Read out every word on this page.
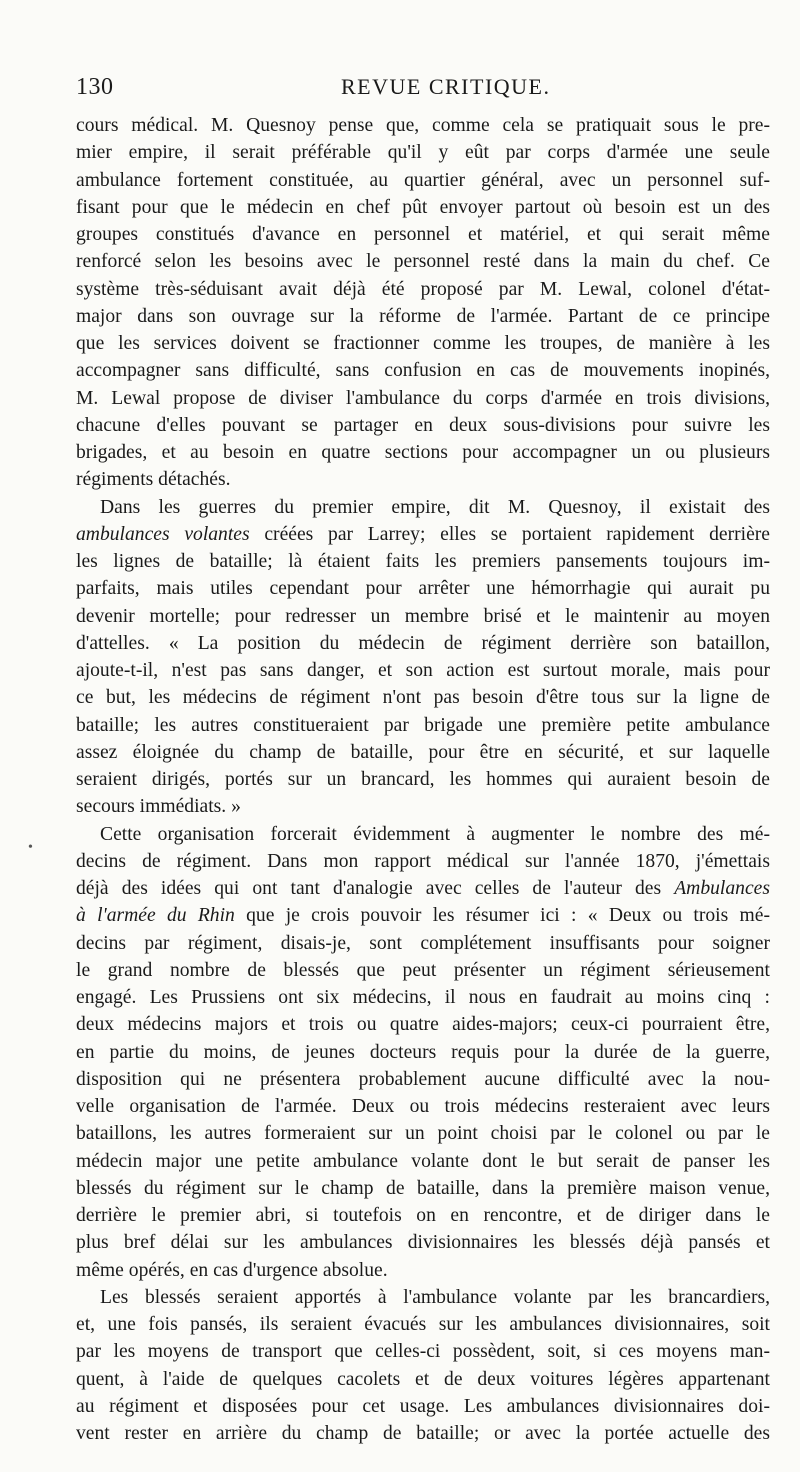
130	REVUE CRITIQUE.
•
cours médical. M. Quesnoy pense que, comme cela se pratiquait sous le pre-
mier empire, il serait préférable qu'il y eût par corps d'armée une seule
ambulance fortement constituée, au quartier général, avec un personnel suf-
fisant pour que le médecin en chef pût envoyer partout où besoin est un des
groupes constitués d'avance en personnel et matériel, et qui serait même
renforcé selon les besoins avec le personnel resté dans la main du chef. Ce
système très-séduisant avait déjà été proposé par M. Lewal, colonel d'état-
major dans son ouvrage sur la réforme de l'armée. Partant de ce principe
que les services doivent se fractionner comme les troupes, de manière à les
accompagner sans difficulté, sans confusion en cas de mouvements inopinés,
M. Lewal propose de diviser l'ambulance du corps d'armée en trois divisions,
chacune d'elles pouvant se partager en deux sous-divisions pour suivre les
brigades, et au besoin en quatre sections pour accompagner un ou plusieurs
régiments détachés.
Dans les guerres du premier empire, dit M. Quesnoy, il existait des
ambulances volantes créées par Larrey; elles se portaient rapidement derrière
les lignes de bataille; là étaient faits les premiers pansements toujours im-
parfaits, mais utiles cependant pour arrêter une hémorrhagie qui aurait pu
devenir mortelle; pour redresser un membre brisé et le maintenir au moyen
d'attelles. « La position du médecin de régiment derrière son bataillon,
ajoute-t-il, n'est pas sans danger, et son action est surtout morale, mais pour
ce but, les médecins de régiment n'ont pas besoin d'être tous sur la ligne de
bataille; les autres constitueraient par brigade une première petite ambulance
assez éloignée du champ de bataille, pour être en sécurité, et sur laquelle
seraient dirigés, portés sur un brancard, les hommes qui auraient besoin de
secours immédiats. »
Cette organisation forcerait évidemment à augmenter le nombre des mé-
decins de régiment. Dans mon rapport médical sur l'année 1870, j'émettais
déjà des idées qui ont tant d'analogie avec celles de l'auteur des Ambulances
à l'armée du Rhin que je crois pouvoir les résumer ici : « Deux ou trois mé-
decins par régiment, disais-je, sont complétement insuffisants pour soigner
le grand nombre de blessés que peut présenter un régiment sérieusement
engagé. Les Prussiens ont six médecins, il nous en faudrait au moins cinq :
deux médecins majors et trois ou quatre aides-majors; ceux-ci pourraient être,
en partie du moins, de jeunes docteurs requis pour la durée de la guerre,
disposition qui ne présentera probablement aucune difficulté avec la nou-
velle organisation de l'armée. Deux ou trois médecins resteraient avec leurs
bataillons, les autres formeraient sur un point choisi par le colonel ou par le
médecin major une petite ambulance volante dont le but serait de panser les
blessés du régiment sur le champ de bataille, dans la première maison venue,
derrière le premier abri, si toutefois on en rencontre, et de diriger dans le
plus bref délai sur les ambulances divisionnaires les blessés déjà pansés et
même opérés, en cas d'urgence absolue.
Les blessés seraient apportés à l'ambulance volante par les brancardiers,
et, une fois pansés, ils seraient évacués sur les ambulances divisionnaires, soit
par les moyens de transport que celles-ci possèdent, soit, si ces moyens man-
quent, à l'aide de quelques cacolets et de deux voitures légères appartenant
au régiment et disposées pour cet usage. Les ambulances divisionnaires doi-
vent rester en arrière du champ de bataille; or avec la portée actuelle des
